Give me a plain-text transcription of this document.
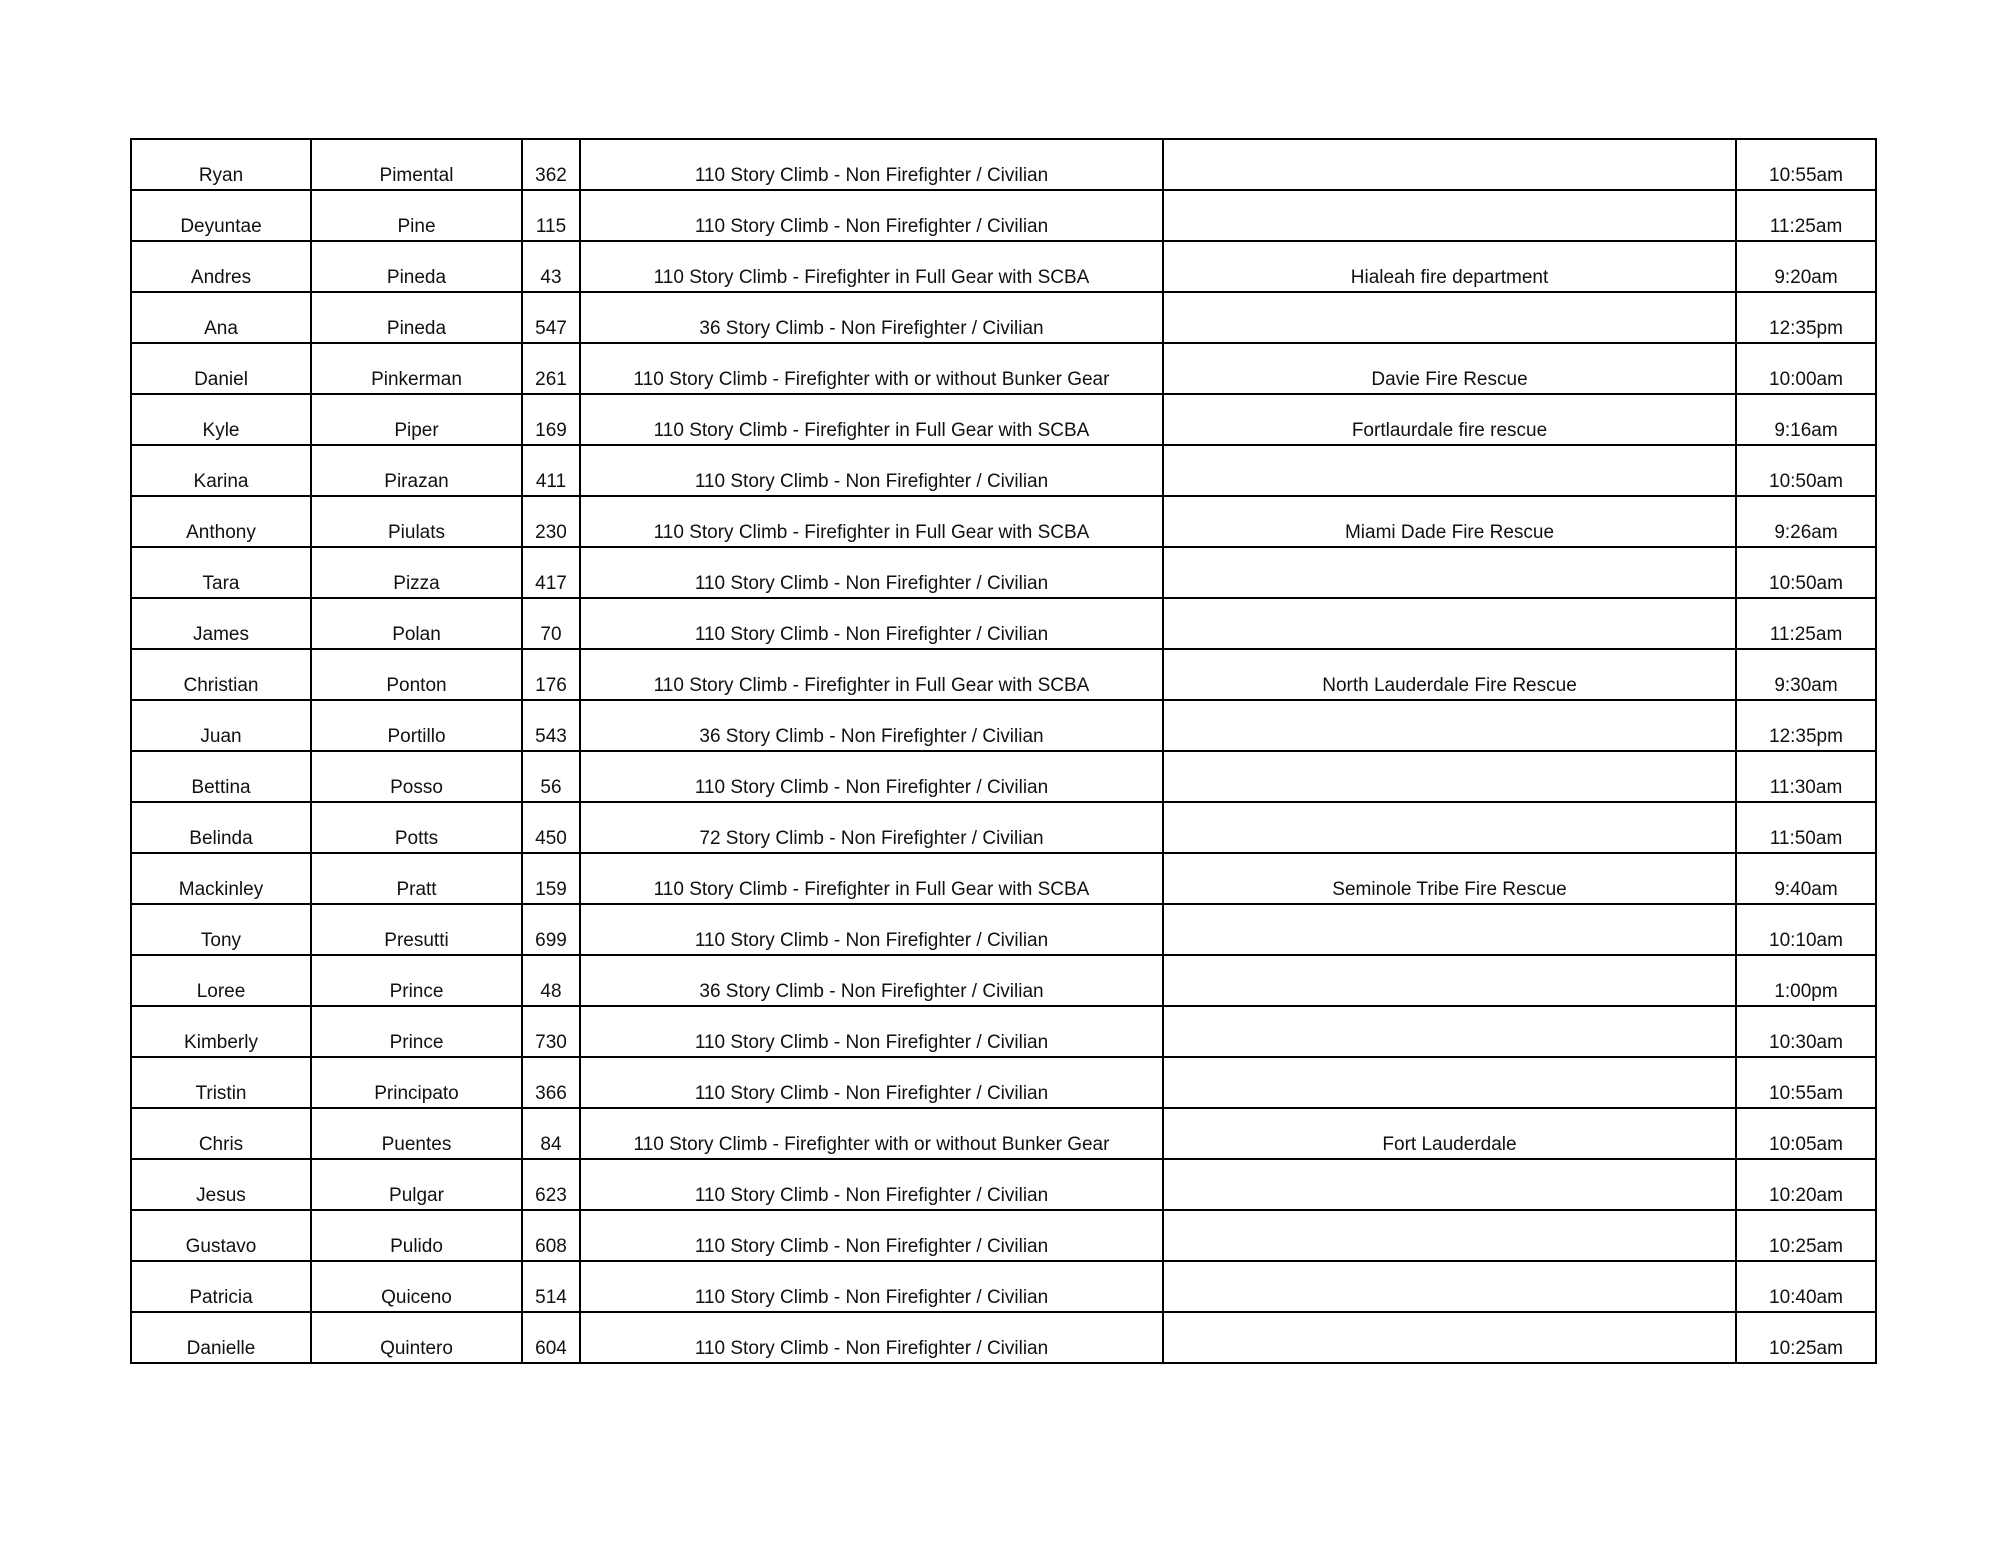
Ryan	Pimental	362	110 Story Climb - Non Firefighter / Civilian		10:55am
Deyuntae	Pine	115	110 Story Climb - Non Firefighter / Civilian		11:25am
Andres	Pineda	43	110 Story Climb - Firefighter in Full Gear with SCBA	Hialeah fire department	9:20am
Ana	Pineda	547	36 Story Climb - Non Firefighter / Civilian		12:35pm
Daniel	Pinkerman	261	110 Story Climb - Firefighter with or without Bunker Gear	Davie Fire Rescue	10:00am
Kyle	Piper	169	110 Story Climb - Firefighter in Full Gear with SCBA	Fortlaurdale fire rescue	9:16am
Karina	Pirazan	411	110 Story Climb - Non Firefighter / Civilian		10:50am
Anthony	Piulats	230	110 Story Climb - Firefighter in Full Gear with SCBA	Miami Dade Fire Rescue	9:26am
Tara	Pizza	417	110 Story Climb - Non Firefighter / Civilian		10:50am
James	Polan	70	110 Story Climb - Non Firefighter / Civilian		11:25am
Christian	Ponton	176	110 Story Climb - Firefighter in Full Gear with SCBA	North Lauderdale Fire Rescue	9:30am
Juan	Portillo	543	36 Story Climb - Non Firefighter / Civilian		12:35pm
Bettina	Posso	56	110 Story Climb - Non Firefighter / Civilian		11:30am
Belinda	Potts	450	72 Story Climb - Non Firefighter / Civilian		11:50am
Mackinley	Pratt	159	110 Story Climb - Firefighter in Full Gear with SCBA	Seminole Tribe Fire Rescue	9:40am
Tony	Presutti	699	110 Story Climb - Non Firefighter / Civilian		10:10am
Loree	Prince	48	36 Story Climb - Non Firefighter / Civilian		1:00pm
Kimberly	Prince	730	110 Story Climb - Non Firefighter / Civilian		10:30am
Tristin	Principato	366	110 Story Climb - Non Firefighter / Civilian		10:55am
Chris	Puentes	84	110 Story Climb - Firefighter with or without Bunker Gear	Fort Lauderdale	10:05am
Jesus	Pulgar	623	110 Story Climb - Non Firefighter / Civilian		10:20am
Gustavo	Pulido	608	110 Story Climb - Non Firefighter / Civilian		10:25am
Patricia	Quiceno	514	110 Story Climb - Non Firefighter / Civilian		10:40am
Danielle	Quintero	604	110 Story Climb - Non Firefighter / Civilian		10:25am
